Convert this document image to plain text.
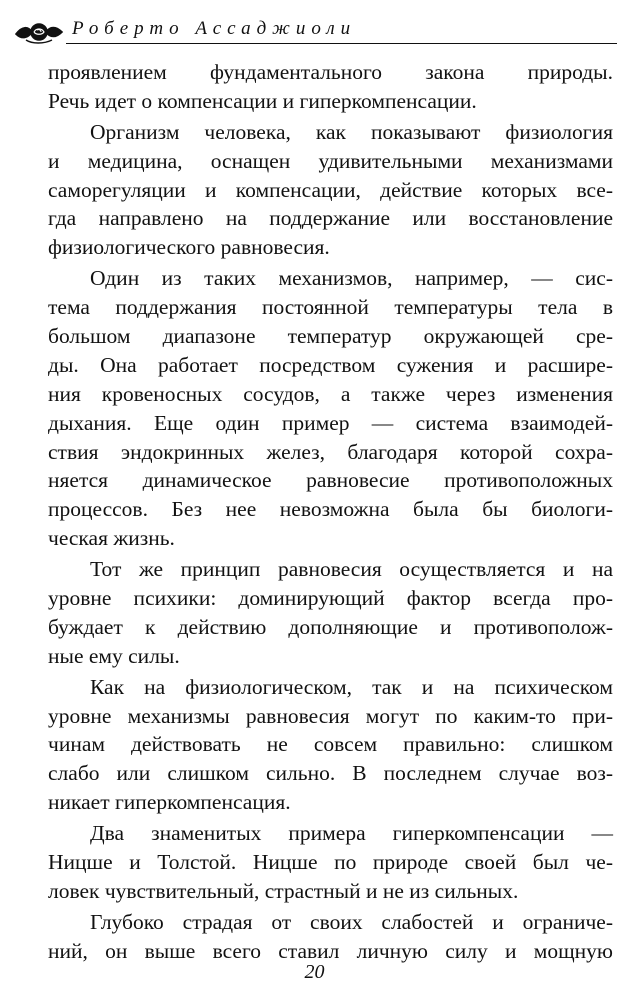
Роберто Ассаджиоли
проявлением фундаментального закона природы.
Речь идет о компенсации и гиперкомпенсации.
Организм человека, как показывают физиология
и медицина, оснащен удивительными механизмами
саморегуляции и компенсации, действие которых все-
гда направлено на поддержание или восстановление
физиологического равновесия.
Один из таких механизмов, например, — сис-
тема поддержания постоянной температуры тела в
большом диапазоне температур окружающей сре-
ды. Она работает посредством сужения и расшире-
ния кровеносных сосудов, а также через изменения
дыхания. Еще один пример — система взаимодей-
ствия эндокринных желез, благодаря которой сохра-
няется динамическое равновесие противоположных
процессов. Без нее невозможна была бы биологи-
ческая жизнь.
Тот же принцип равновесия осуществляется и на
уровне психики: доминирующий фактор всегда про-
буждает к действию дополняющие и противополож-
ные ему силы.
Как на физиологическом, так и на психическом
уровне механизмы равновесия могут по каким-то при-
чинам действовать не совсем правильно: слишком
слабо или слишком сильно. В последнем случае воз-
никает гиперкомпенсация.
Два знаменитых примера гиперкомпенсации —
Ницше и Толстой. Ницше по природе своей был че-
ловек чувствительный, страстный и не из сильных.
Глубоко страдая от своих слабостей и ограниче-
ний, он выше всего ставил личную силу и мощную
20
